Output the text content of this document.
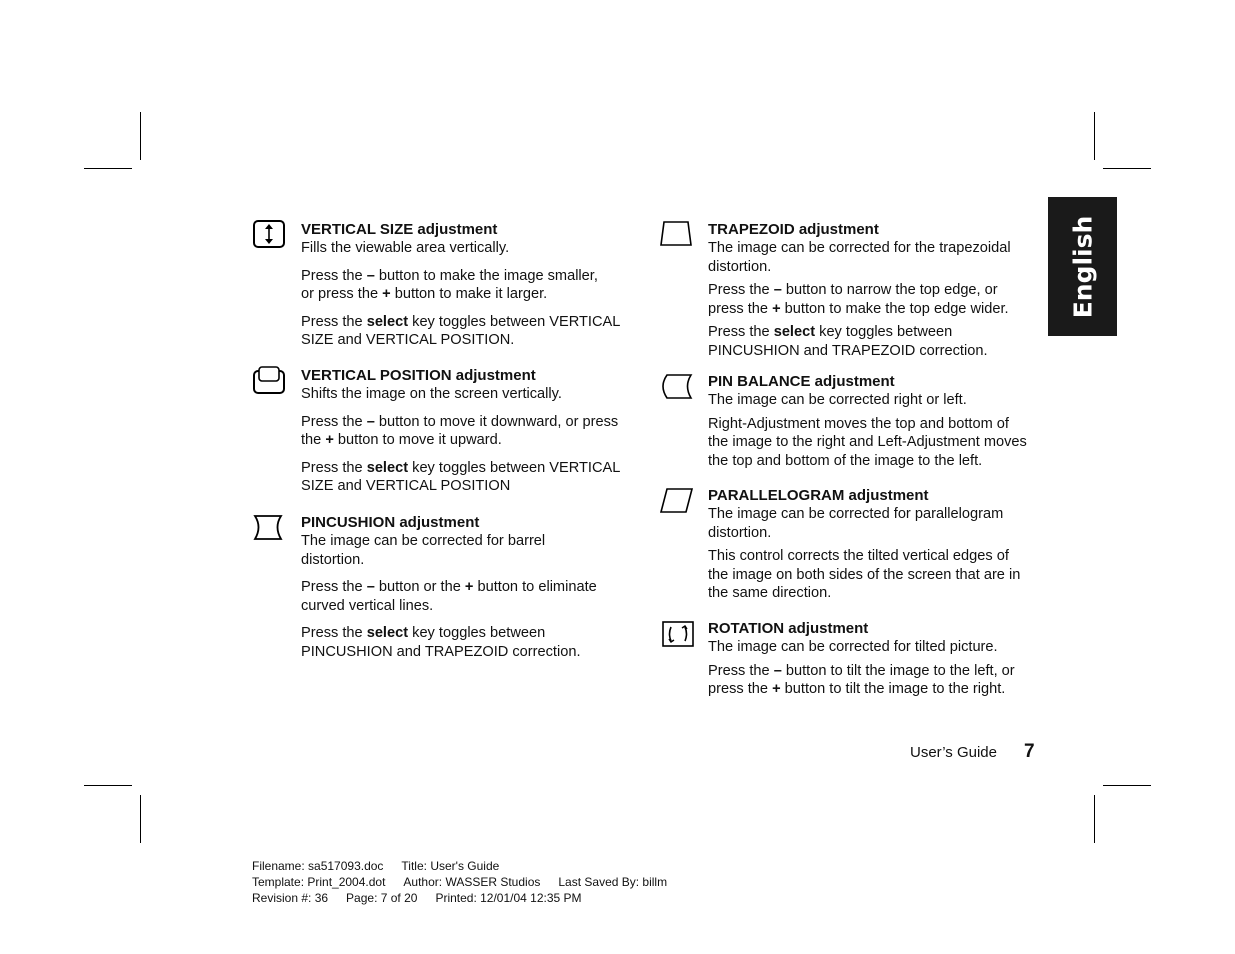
English

VERTICAL SIZE adjustment

Fills the viewable area vertically.

Press the – button to make the image smaller,
or press the + button to make it larger.

Press the select key toggles between VERTICAL
SIZE and VERTICAL POSITION.

VERTICAL POSITION adjustment

Shifts the image on the screen vertically.

Press the – button to move it downward, or press
the + button to move it upward.

Press the select key toggles between VERTICAL
SIZE and VERTICAL POSITION

PINCUSHION adjustment

The image can be corrected for barrel
distortion.

Press the – button or the + button to eliminate
curved vertical lines.

Press the select key toggles between
PINCUSHION and TRAPEZOID correction.

TRAPEZOID adjustment

The image can be corrected for the trapezoidal
distortion.

Press the – button to narrow the top edge, or
press the + button to make the top edge wider.

Press the select key toggles between
PINCUSHION and TRAPEZOID correction.

PIN BALANCE adjustment

The image can be corrected right or left.

Right-Adjustment moves the top and bottom of
the image to the right and Left-Adjustment moves
the top and bottom of the image to the left.

PARALLELOGRAM adjustment

The image can be corrected for parallelogram
distortion.

This control corrects the tilted vertical edges of
the image on both sides of the screen that are in
the same direction.

ROTATION adjustment

The image can be corrected for tilted picture.

Press the – button to tilt the image to the left, or
press the + button to tilt the image to the right.

User’s Guide 7
Filename: sa517093.doc Title: User's Guide
Template: Print_2004.dot Author: WASSER Studios Last Saved By: billm
Revision #: 36 Page: 7 of 20 Printed: 12/01/04 12:35 PM
